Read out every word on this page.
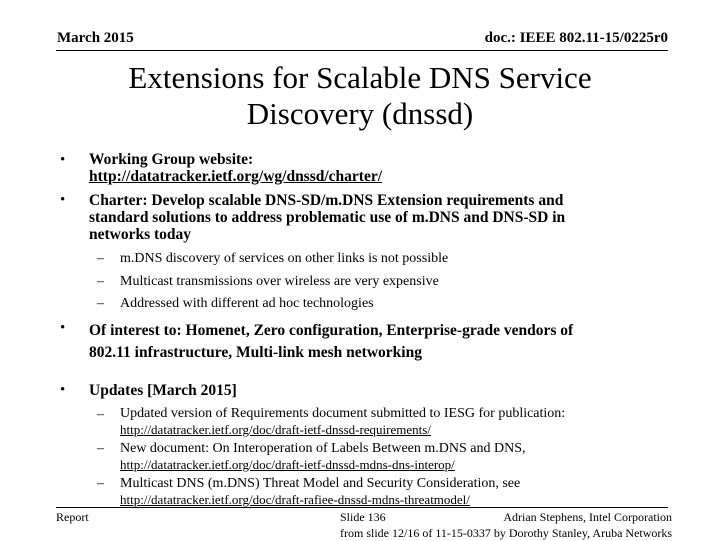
March 2015	doc.: IEEE 802.11-15/0225r0
Extensions for Scalable DNS Service
Discovery (dnssd)
•	Working Group website:
http://datatracker.ietf.org/wg/dnssd/charter/
•	Charter: Develop scalable DNS-SD/m.DNS Extension requirements and
standard solutions to address problematic use of m.DNS and DNS-SD in
networks today
– m.DNS discovery of services on other links is not possible
– Multicast transmissions over wireless are very expensive
– Addressed with different ad hoc technologies
•	Of interest to: Homenet, Zero configuration, Enterprise-grade vendors of
802.11 infrastructure, Multi-link mesh networking
•	Updates [March 2015]
– Updated version of Requirements document submitted to IESG for publication:
http://datatracker.ietf.org/doc/draft-ietf-dnssd-requirements/
– New document: On Interoperation of Labels Between m.DNS and DNS,
http://datatracker.ietf.org/doc/draft-ietf-dnssd-mdns-dns-interop/
– Multicast DNS (m.DNS) Threat Model and Security Consideration, see
http://datatracker.ietf.org/doc/draft-rafiee-dnssd-mdns-threatmodel/
Report	Slide 136	Adrian Stephens, Intel Corporation
from slide 12/16 of 11-15-0337 by Dorothy Stanley, Aruba Networks
